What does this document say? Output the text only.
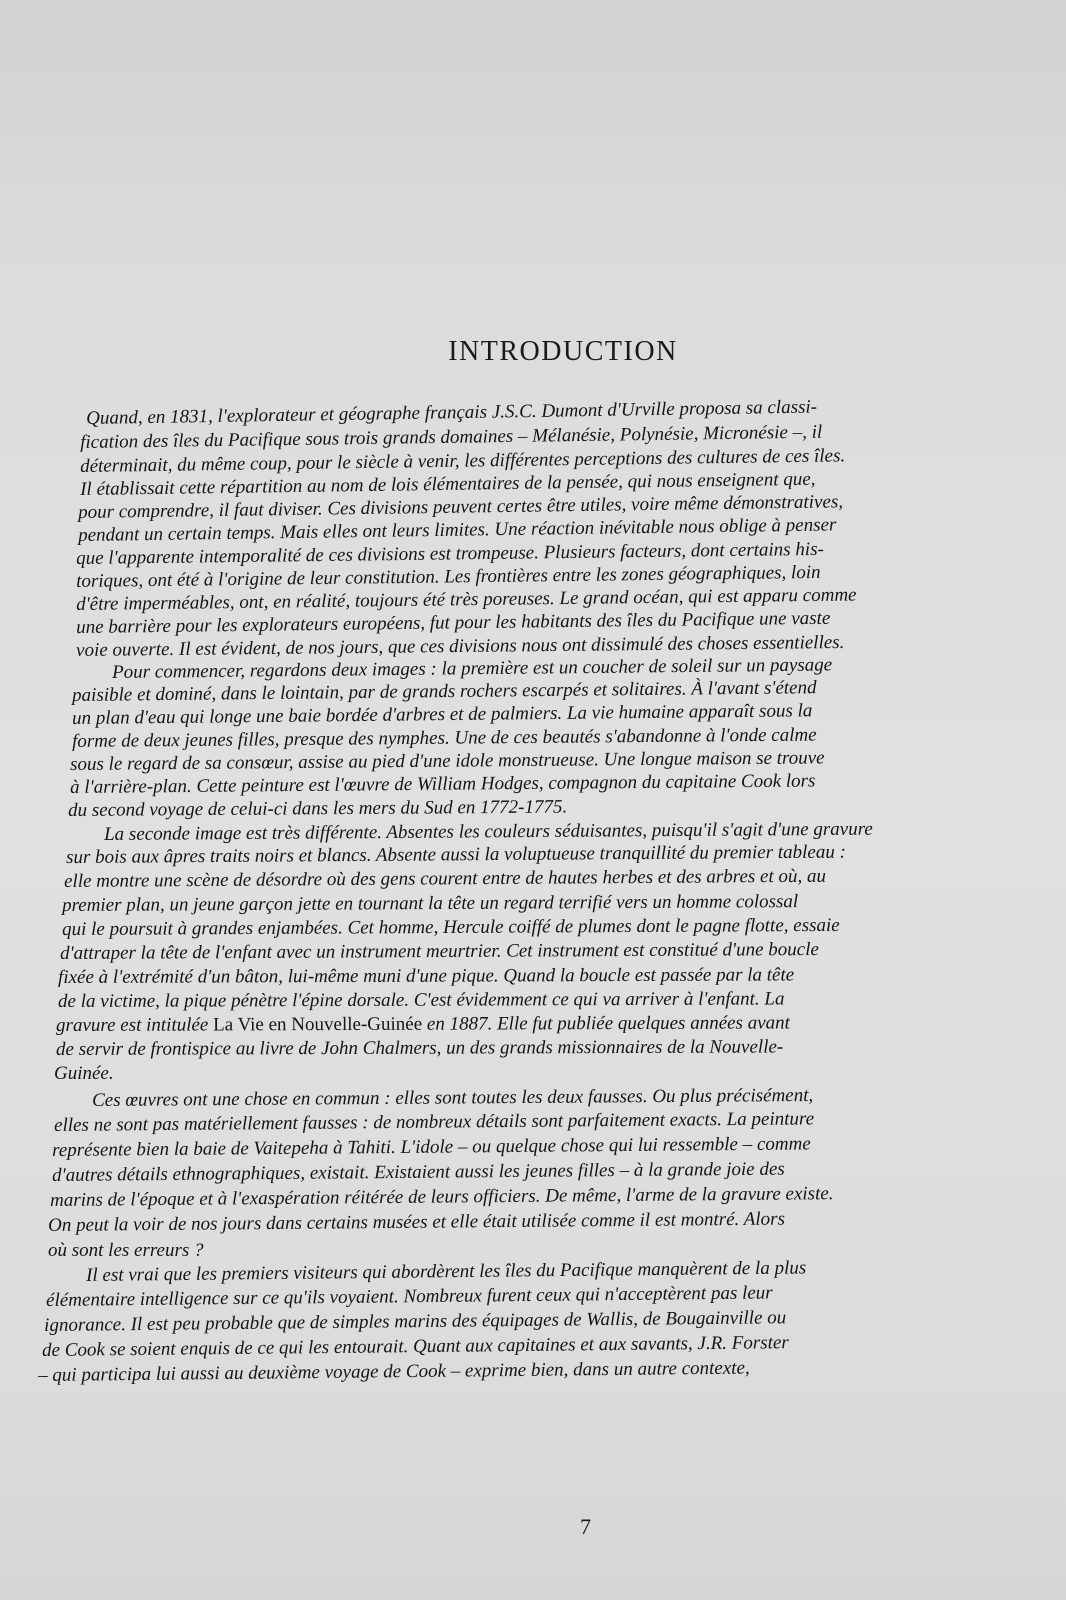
INTRODUCTION
Quand, en 1831, l'explorateur et géographe français J.S.C. Dumont d'Urville proposa sa classi-
fication des îles du Pacifique sous trois grands domaines – Mélanésie, Polynésie, Micronésie –, il
déterminait, du même coup, pour le siècle à venir, les différentes perceptions des cultures de ces îles.
Il établissait cette répartition au nom de lois élémentaires de la pensée, qui nous enseignent que,
pour comprendre, il faut diviser. Ces divisions peuvent certes être utiles, voire même démonstratives,
pendant un certain temps. Mais elles ont leurs limites. Une réaction inévitable nous oblige à penser
que l'apparente intemporalité de ces divisions est trompeuse. Plusieurs facteurs, dont certains his-
toriques, ont été à l'origine de leur constitution. Les frontières entre les zones géographiques, loin
d'être imperméables, ont, en réalité, toujours été très poreuses. Le grand océan, qui est apparu comme
une barrière pour les explorateurs européens, fut pour les habitants des îles du Pacifique une vaste
voie ouverte. Il est évident, de nos jours, que ces divisions nous ont dissimulé des choses essentielles.
Pour commencer, regardons deux images : la première est un coucher de soleil sur un paysage
paisible et dominé, dans le lointain, par de grands rochers escarpés et solitaires. À l'avant s'étend
un plan d'eau qui longe une baie bordée d'arbres et de palmiers. La vie humaine apparaît sous la
forme de deux jeunes filles, presque des nymphes. Une de ces beautés s'abandonne à l'onde calme
sous le regard de sa consœur, assise au pied d'une idole monstrueuse. Une longue maison se trouve
à l'arrière-plan. Cette peinture est l'œuvre de William Hodges, compagnon du capitaine Cook lors
du second voyage de celui-ci dans les mers du Sud en 1772-1775.
La seconde image est très différente. Absentes les couleurs séduisantes, puisqu'il s'agit d'une gravure
sur bois aux âpres traits noirs et blancs. Absente aussi la voluptueuse tranquillité du premier tableau :
elle montre une scène de désordre où des gens courent entre de hautes herbes et des arbres et où, au
premier plan, un jeune garçon jette en tournant la tête un regard terrifié vers un homme colossal
qui le poursuit à grandes enjambées. Cet homme, Hercule coiffé de plumes dont le pagne flotte, essaie
d'attraper la tête de l'enfant avec un instrument meurtrier. Cet instrument est constitué d'une boucle
fixée à l'extrémité d'un bâton, lui-même muni d'une pique. Quand la boucle est passée par la tête
de la victime, la pique pénètre l'épine dorsale. C'est évidemment ce qui va arriver à l'enfant. La
gravure est intitulée La Vie en Nouvelle-Guinée en 1887. Elle fut publiée quelques années avant
de servir de frontispice au livre de John Chalmers, un des grands missionnaires de la Nouvelle-
Guinée.
Ces œuvres ont une chose en commun : elles sont toutes les deux fausses. Ou plus précisément,
elles ne sont pas matériellement fausses : de nombreux détails sont parfaitement exacts. La peinture
représente bien la baie de Vaitepeha à Tahiti. L'idole – ou quelque chose qui lui ressemble – comme
d'autres détails ethnographiques, existait. Existaient aussi les jeunes filles – à la grande joie des
marins de l'époque et à l'exaspération réitérée de leurs officiers. De même, l'arme de la gravure existe.
On peut la voir de nos jours dans certains musées et elle était utilisée comme il est montré. Alors
où sont les erreurs ?
Il est vrai que les premiers visiteurs qui abordèrent les îles du Pacifique manquèrent de la plus
élémentaire intelligence sur ce qu'ils voyaient. Nombreux furent ceux qui n'acceptèrent pas leur
ignorance. Il est peu probable que de simples marins des équipages de Wallis, de Bougainville ou
de Cook se soient enquis de ce qui les entourait. Quant aux capitaines et aux savants, J.R. Forster
– qui participa lui aussi au deuxième voyage de Cook – exprime bien, dans un autre contexte,
7
